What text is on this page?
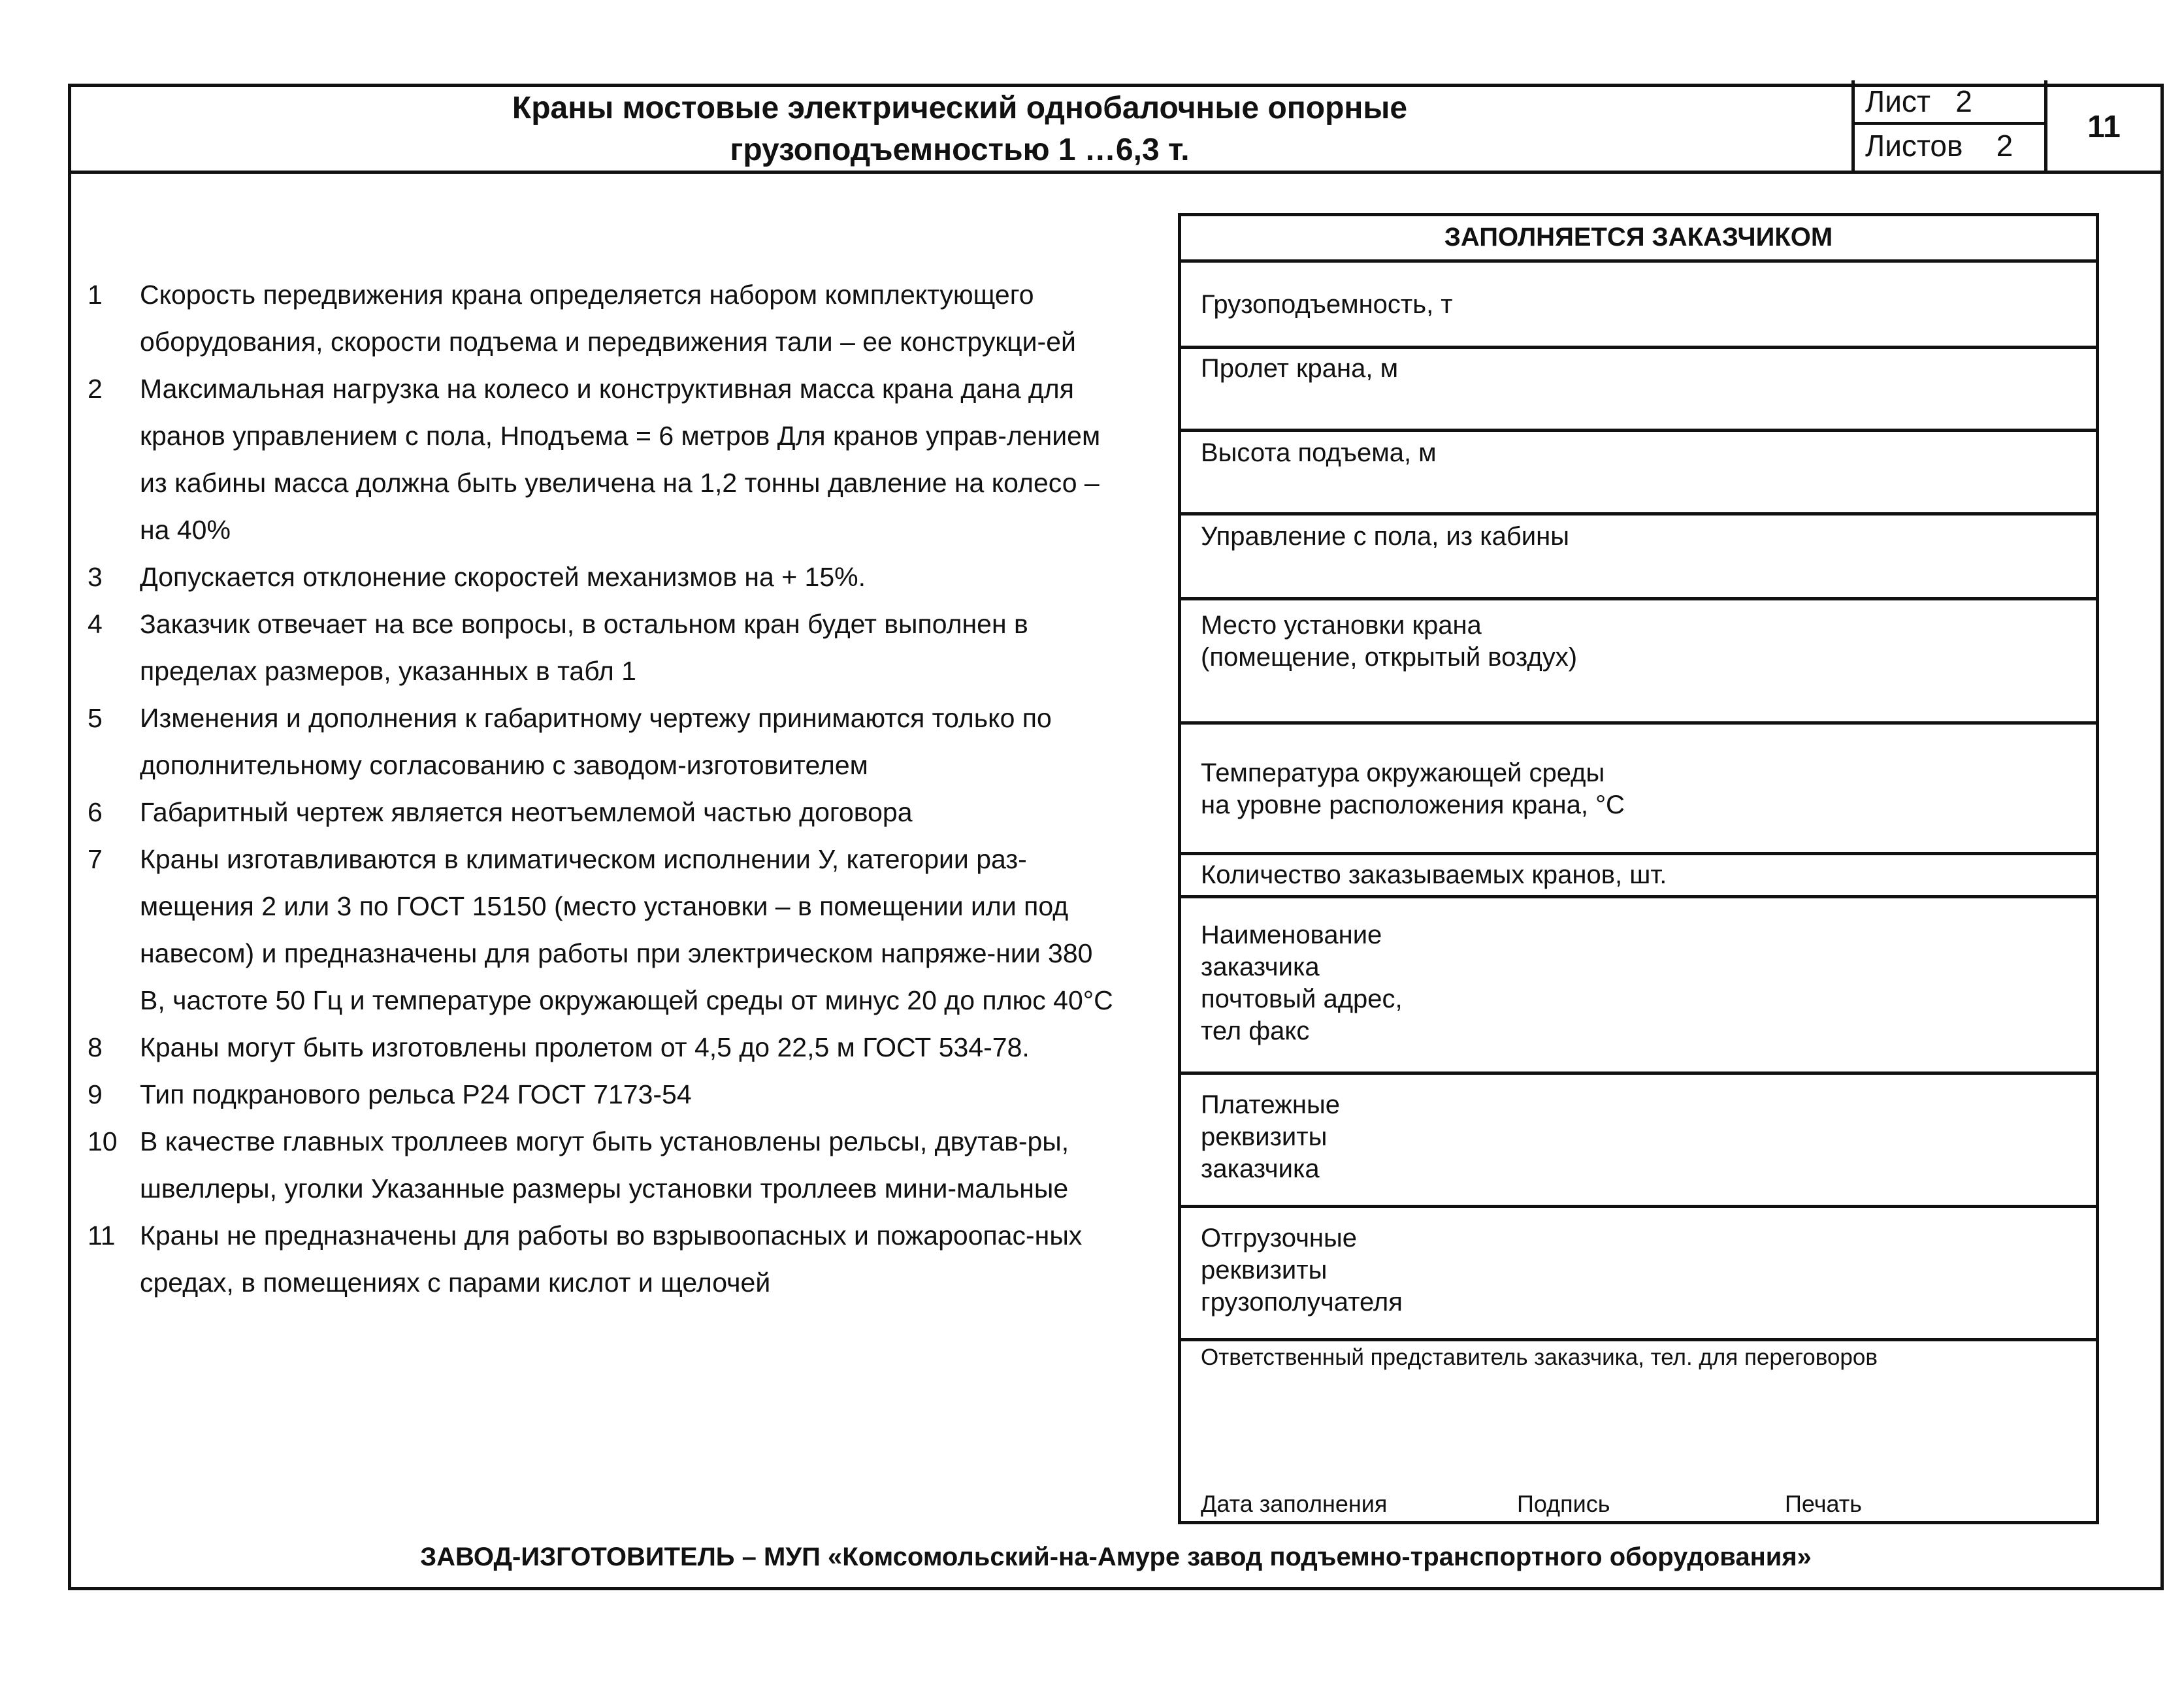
Краны мостовые электрический однобалочные опорные
грузоподъемностью 1 …6,3 т.
Лист   2
Листов    2
11
1 Скорость передвижения крана определяется набором комплектующего оборудования, скорости подъема и передвижения тали – ее конструкци-ей
2 Максимальная нагрузка на колесо и конструктивная масса крана дана для кранов управлением с пола, Hподъема = 6 метров Для кранов управ-лением из кабины масса должна быть увеличена на 1,2 тонны давление на колесо – на 40%
3 Допускается отклонение скоростей механизмов на + 15%.
4 Заказчик отвечает на все вопросы, в остальном кран будет выполнен в пределах размеров, указанных в табл 1
5 Изменения и дополнения к габаритному чертежу принимаются только по дополнительному согласованию с заводом-изготовителем
6 Габаритный чертеж является неотъемлемой частью договора
7 Краны изготавливаются в климатическом исполнении У, категории раз-мещения 2 или 3 по ГОСТ 15150 (место установки – в помещении или под навесом) и предназначены для работы при электрическом напряже-нии 380 В, частоте 50 Гц и температуре окружающей среды от минус 20 до плюс 40°С
8 Краны могут быть изготовлены пролетом от 4,5 до 22,5 м ГОСТ 534-78.
9 Тип подкранового рельса Р24 ГОСТ 7173-54
10 В качестве главных троллеев могут быть установлены рельсы, двутав-ры, швеллеры, уголки Указанные размеры установки троллеев мини-мальные
11 Краны не предназначены для работы во взрывоопасных и пожароопас-ных средах, в помещениях с парами кислот и щелочей
ЗАПОЛНЯЕТСЯ ЗАКАЗЧИКОМ
Грузоподъемность, т
Пролет крана, м
Высота подъема, м
Управление с пола, из кабины
Место установки крана
(помещение, открытый воздух)
Температура окружающей среды
на уровне расположения крана, °С
Количество заказываемых кранов, шт.
Наименование
заказчика
почтовый адрес,
тел факс
Платежные
реквизиты
заказчика
Отгрузочные
реквизиты
грузополучателя
Ответственный представитель заказчика, тел. для переговоров
Дата заполнения	Подпись	Печать
ЗАВОД-ИЗГОТОВИТЕЛЬ – МУП «Комсомольский-на-Амуре завод подъемно-транспортного оборудования»
